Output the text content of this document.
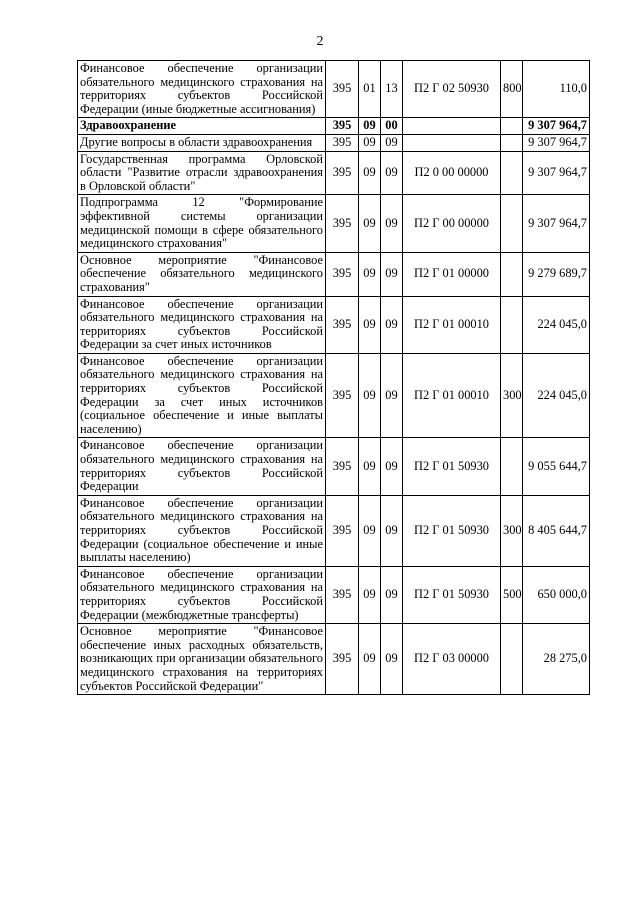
2
Финансовое обеспечение организации обязательного медицинского страхования на территориях субъектов Российской Федерации (иные бюджетные ассигнования)	395	01	13	П2 Г 02 50930	800	110,0
Здравоохранение	395	09	00			9 307 964,7
Другие вопросы в области здравоохранения	395	09	09			9 307 964,7
Государственная программа Орловской области "Развитие отрасли здравоохранения в Орловской области"	395	09	09	П2 0 00 00000		9 307 964,7
Подпрограмма 12 "Формирование эффективной системы организации медицинской помощи в сфере обязательного медицинского страхования"	395	09	09	П2 Г 00 00000		9 307 964,7
Основное мероприятие "Финансовое обеспечение обязательного медицинского страхования"	395	09	09	П2 Г 01 00000		9 279 689,7
Финансовое обеспечение организации обязательного медицинского страхования на территориях субъектов Российской Федерации за счет иных источников	395	09	09	П2 Г 01 00010		224 045,0
Финансовое обеспечение организации обязательного медицинского страхования на территориях субъектов Российской Федерации за счет иных источников (социальное обеспечение и иные выплаты населению)	395	09	09	П2 Г 01 00010	300	224 045,0
Финансовое обеспечение организации обязательного медицинского страхования на территориях субъектов Российской Федерации	395	09	09	П2 Г 01 50930		9 055 644,7
Финансовое обеспечение организации обязательного медицинского страхования на территориях субъектов Российской Федерации (социальное обеспечение и иные выплаты населению)	395	09	09	П2 Г 01 50930	300	8 405 644,7
Финансовое обеспечение организации обязательного медицинского страхования на территориях субъектов Российской Федерации (межбюджетные трансферты)	395	09	09	П2 Г 01 50930	500	650 000,0
Основное мероприятие "Финансовое обеспечение иных расходных обязательств, возникающих при организации обязательного медицинского страхования на территориях субъектов Российской Федерации"	395	09	09	П2 Г 03 00000		28 275,0
